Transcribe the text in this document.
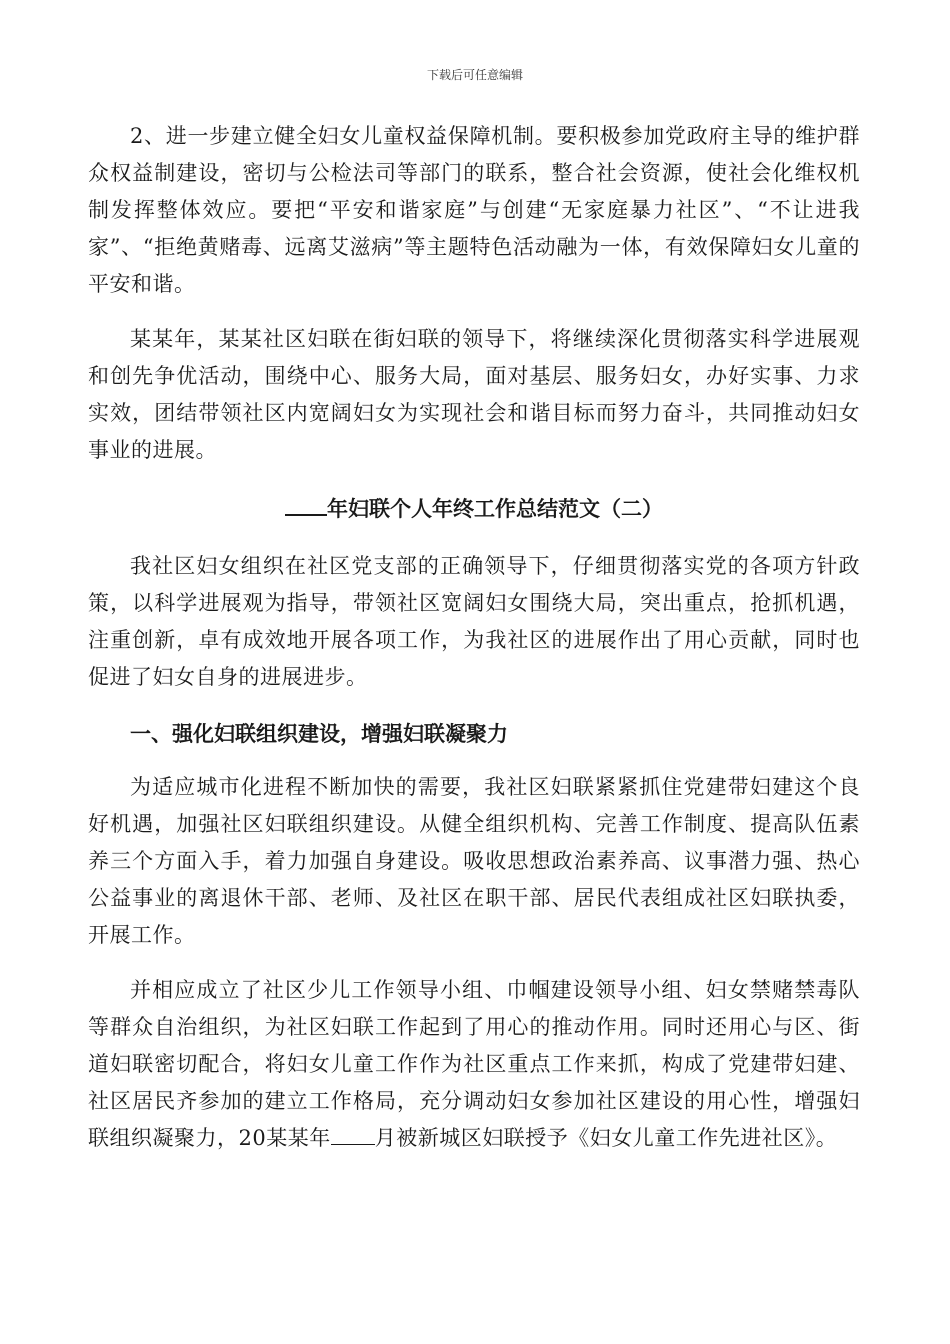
下载后可任意编辑

2、进一步建立健全妇女儿童权益保障机制。要积极参加党政府主导的维护群众权益制建设，密切与公检法司等部门的联系，整合社会资源，使社会化维权机制发挥整体效应。要把“平安和谐家庭”与创建“无家庭暴力社区”、“不让进我家”、“拒绝黄赌毒、远离艾滋病”等主题特色活动融为一体，有效保障妇女儿童的平安和谐。

某某年，某某社区妇联在街妇联的领导下，将继续深化贯彻落实科学进展观和创先争优活动，围绕中心、服务大局，面对基层、服务妇女，办好实事、力求实效，团结带领社区内宽阔妇女为实现社会和谐目标而努力奋斗，共同推动妇女事业的进展。

年妇联个人年终工作总结范文（二）

我社区妇女组织在社区党支部的正确领导下，仔细贯彻落实党的各项方针政策，以科学进展观为指导，带领社区宽阔妇女围绕大局，突出重点，抢抓机遇，注重创新，卓有成效地开展各项工作，为我社区的进展作出了用心贡献，同时也促进了妇女自身的进展进步。

一、强化妇联组织建设，增强妇联凝聚力

为适应城市化进程不断加快的需要，我社区妇联紧紧抓住党建带妇建这个良好机遇，加强社区妇联组织建设。从健全组织机构、完善工作制度、提高队伍素养三个方面入手，着力加强自身建设。吸收思想政治素养高、议事潜力强、热心公益事业的离退休干部、老师、及社区在职干部、居民代表组成社区妇联执委，开展工作。

并相应成立了社区少儿工作领导小组、巾帼建设领导小组、妇女禁赌禁毒队等群众自治组织，为社区妇联工作起到了用心的推动作用。同时还用心与区、街道妇联密切配合，将妇女儿童工作作为社区重点工作来抓，构成了党建带妇建、社区居民齐参加的建立工作格局，充分调动妇女参加社区建设的用心性，增强妇联组织凝聚力，20某某年 月被新城区妇联授予《妇女儿童工作先进社区》。
